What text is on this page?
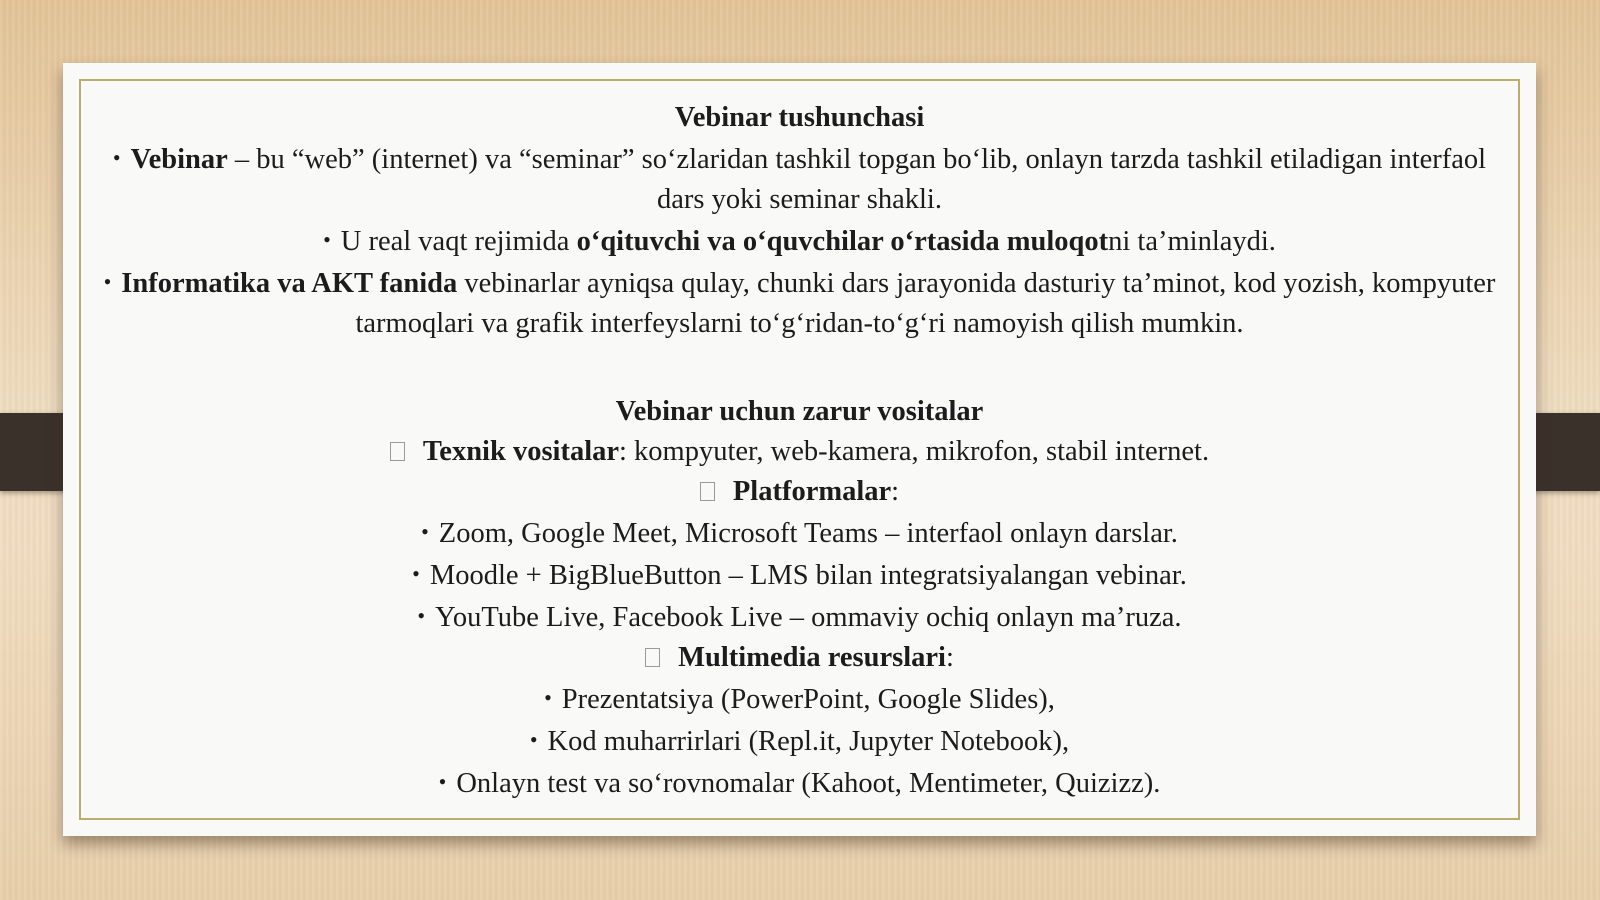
Vebinar tushunchasi

• Vebinar – bu “web” (internet) va “seminar” so‘zlaridan tashkil topgan bo‘lib, onlayn tarzda tashkil etiladigan interfaol dars yoki seminar shakli.

• U real vaqt rejimida o‘qituvchi va o‘quvchilar o‘rtasida muloqotni ta’minlaydi.

• Informatika va AKT fanida vebinarlar ayniqsa qulay, chunki dars jarayonida dasturiy ta’minot, kod yozish, kompyuter tarmoqlari va grafik interfeyslarni to‘g‘ridan-to‘g‘ri namoyish qilish mumkin.

Vebinar uchun zarur vositalar

Texnik vositalar: kompyuter, web-kamera, mikrofon, stabil internet.

Platformalar:

• Zoom, Google Meet, Microsoft Teams – interfaol onlayn darslar.

• Moodle + BigBlueButton – LMS bilan integratsiyalangan vebinar.

• YouTube Live, Facebook Live – ommaviy ochiq onlayn ma’ruza.

Multimedia resurslari:

• Prezentatsiya (PowerPoint, Google Slides),

• Kod muharrirlari (Repl.it, Jupyter Notebook),

• Onlayn test va so‘rovnomalar (Kahoot, Mentimeter, Quizizz).
